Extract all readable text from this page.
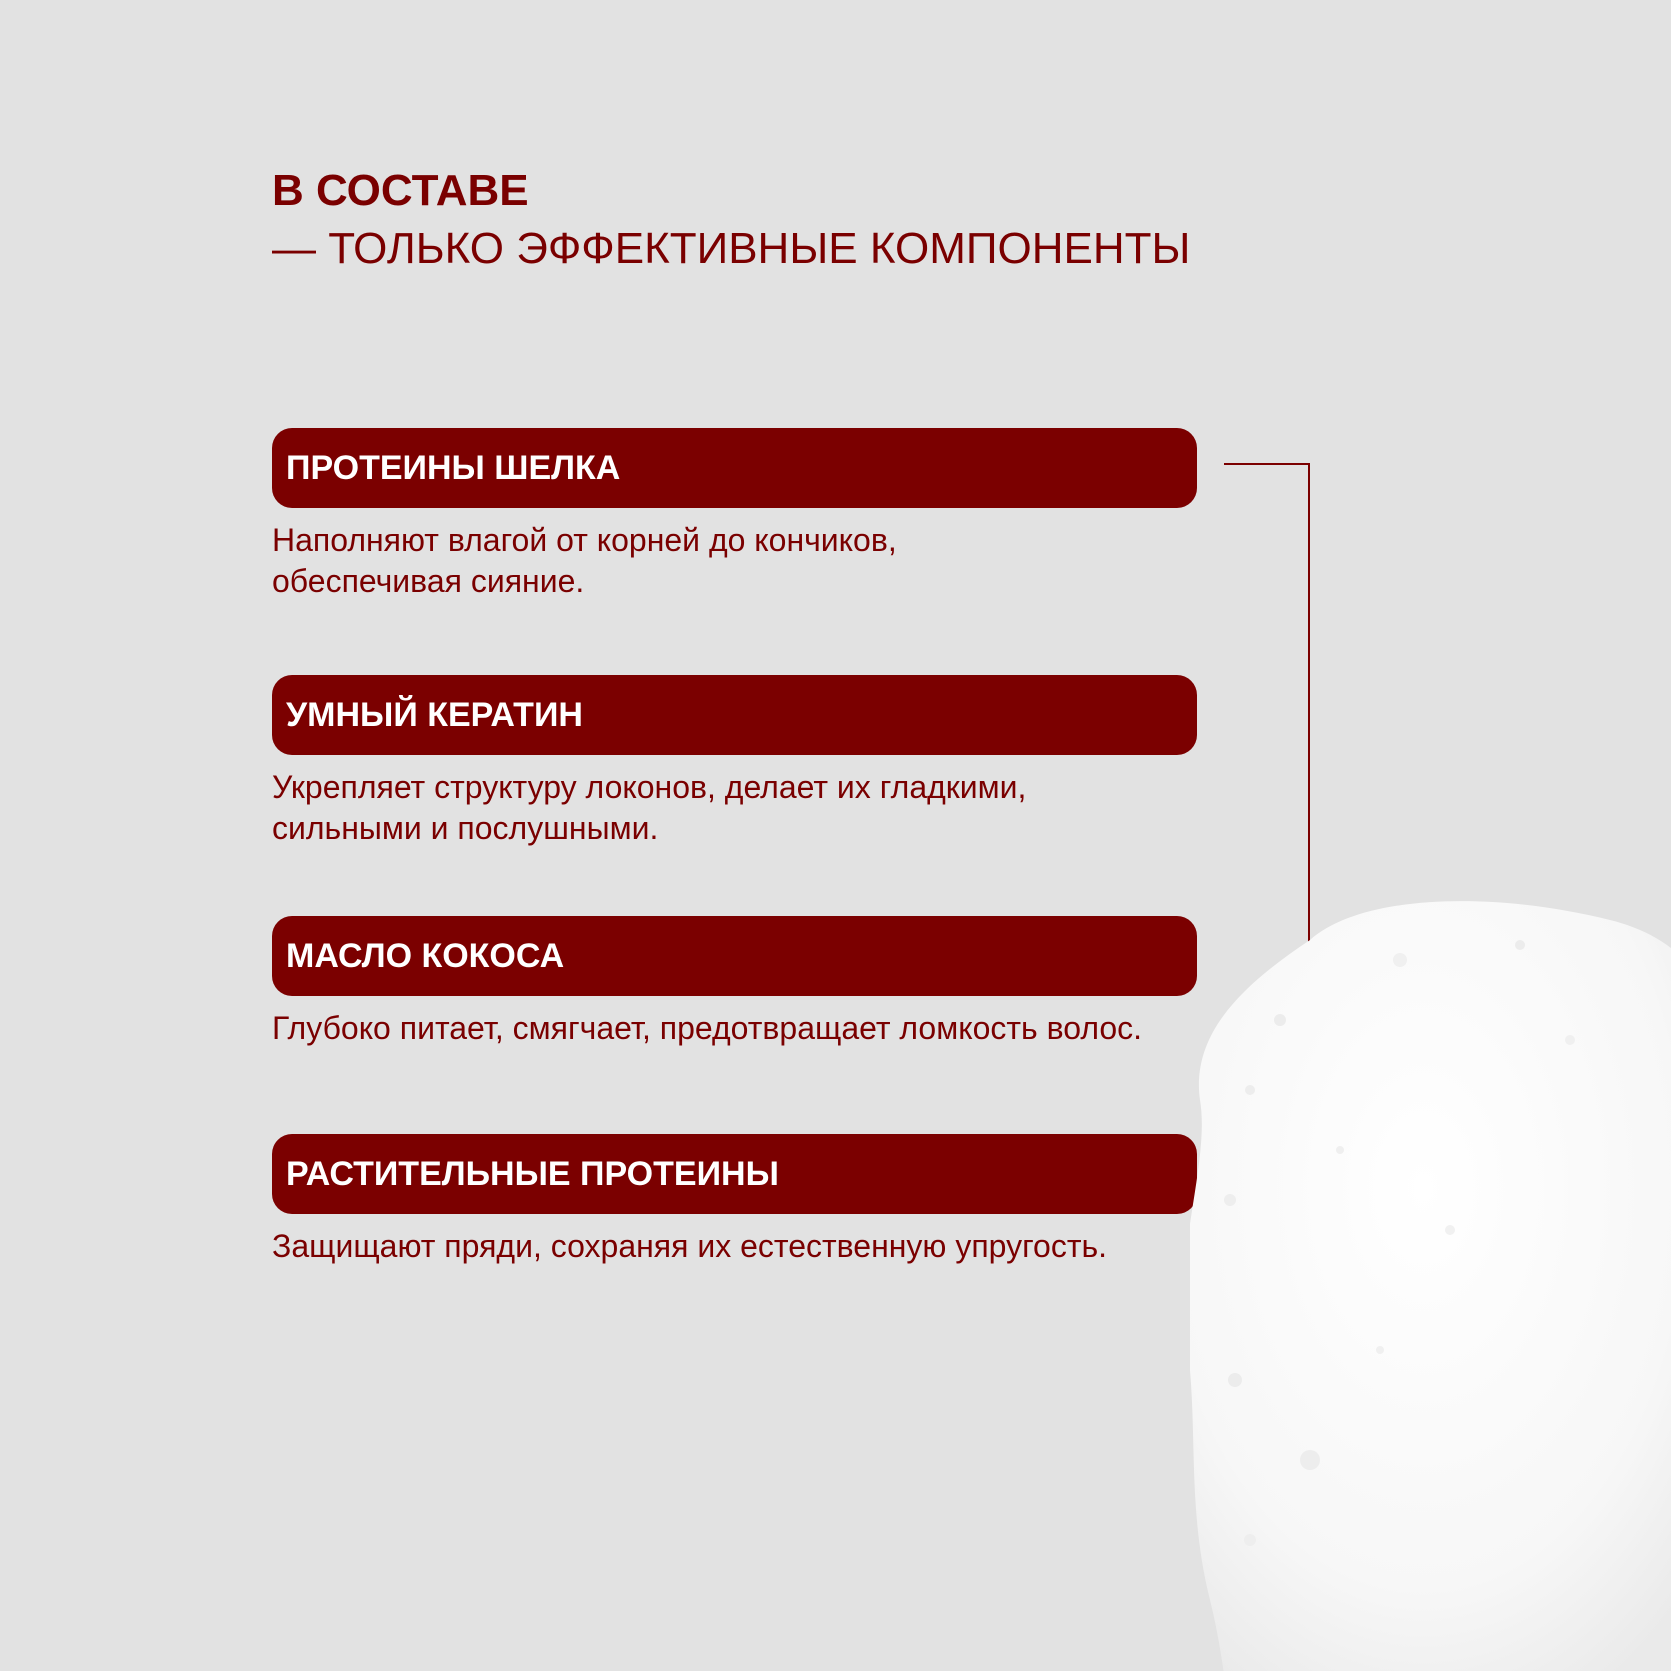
В СОСТАВЕ
— ТОЛЬКО ЭФФЕКТИВНЫЕ КОМПОНЕНТЫ
ПРОТЕИНЫ ШЕЛКА
Наполняют влагой от корней до кончиков,
обеспечивая сияние.
УМНЫЙ КЕРАТИН
Укрепляет структуру локонов, делает их гладкими,
сильными и послушными.
МАСЛО КОКОСА
Глубоко питает, смягчает, предотвращает ломкость волос.
РАСТИТЕЛЬНЫЕ ПРОТЕИНЫ
Защищают пряди, сохраняя их естественную упругость.
